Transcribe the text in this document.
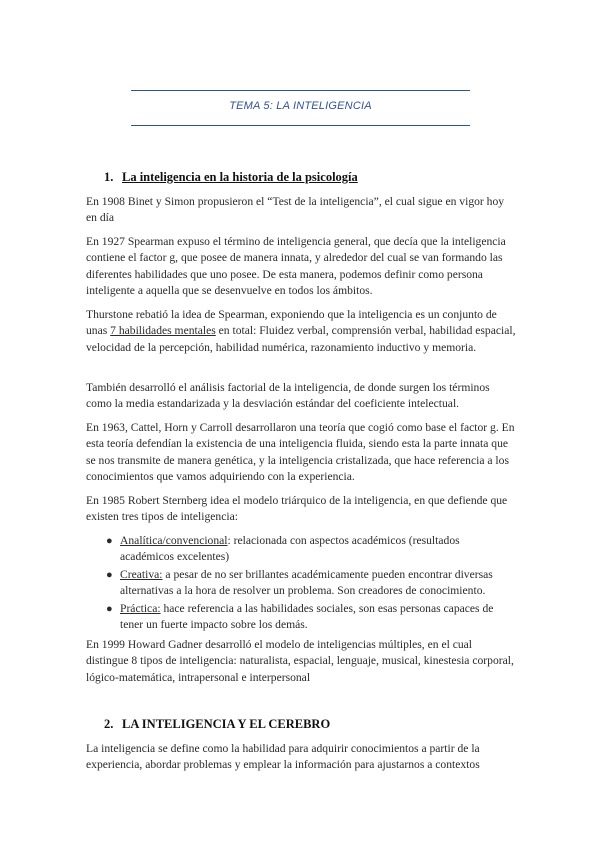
TEMA 5: LA INTELIGENCIA
1. La inteligencia en la historia de la psicología
En 1908 Binet y Simon propusieron el “Test de la inteligencia”, el cual sigue en vigor hoy en día
En 1927 Spearman expuso el término de inteligencia general, que decía que la inteligencia contiene el factor g, que posee de manera innata, y alrededor del cual se van formando las diferentes habilidades que uno posee. De esta manera, podemos definir como persona inteligente a aquella que se desenvuelve en todos los ámbitos.
Thurstone rebatió la idea de Spearman, exponiendo que la inteligencia es un conjunto de unas 7 habilidades mentales en total: Fluidez verbal, comprensión verbal, habilidad espacial, velocidad de la percepción, habilidad numérica, razonamiento inductivo y memoria.
También desarrolló el análisis factorial de la inteligencia, de donde surgen los términos como la media estandarizada y la desviación estándar del coeficiente intelectual.
En 1963, Cattel, Horn y Carroll desarrollaron una teoría que cogió como base el factor g. En esta teoría defendían la existencia de una inteligencia fluida, siendo esta la parte innata que se nos transmite de manera genética, y la inteligencia cristalizada, que hace referencia a los conocimientos que vamos adquiriendo con la experiencia.
En 1985 Robert Sternberg idea el modelo triárquico de la inteligencia, en que defiende que existen tres tipos de inteligencia:
● Analítica/convencional: relacionada con aspectos académicos (resultados académicos excelentes)
● Creativa: a pesar de no ser brillantes académicamente pueden encontrar diversas alternativas a la hora de resolver un problema. Son creadores de conocimiento.
● Práctica: hace referencia a las habilidades sociales, son esas personas capaces de tener un fuerte impacto sobre los demás.
En 1999 Howard Gadner desarrolló el modelo de inteligencias múltiples, en el cual distingue 8 tipos de inteligencia: naturalista, espacial, lenguaje, musical, kinestesia corporal, lógico-matemática, intrapersonal e interpersonal
2. LA INTELIGENCIA Y EL CEREBRO
La inteligencia se define como la habilidad para adquirir conocimientos a partir de la experiencia, abordar problemas y emplear la información para ajustarnos a contextos
